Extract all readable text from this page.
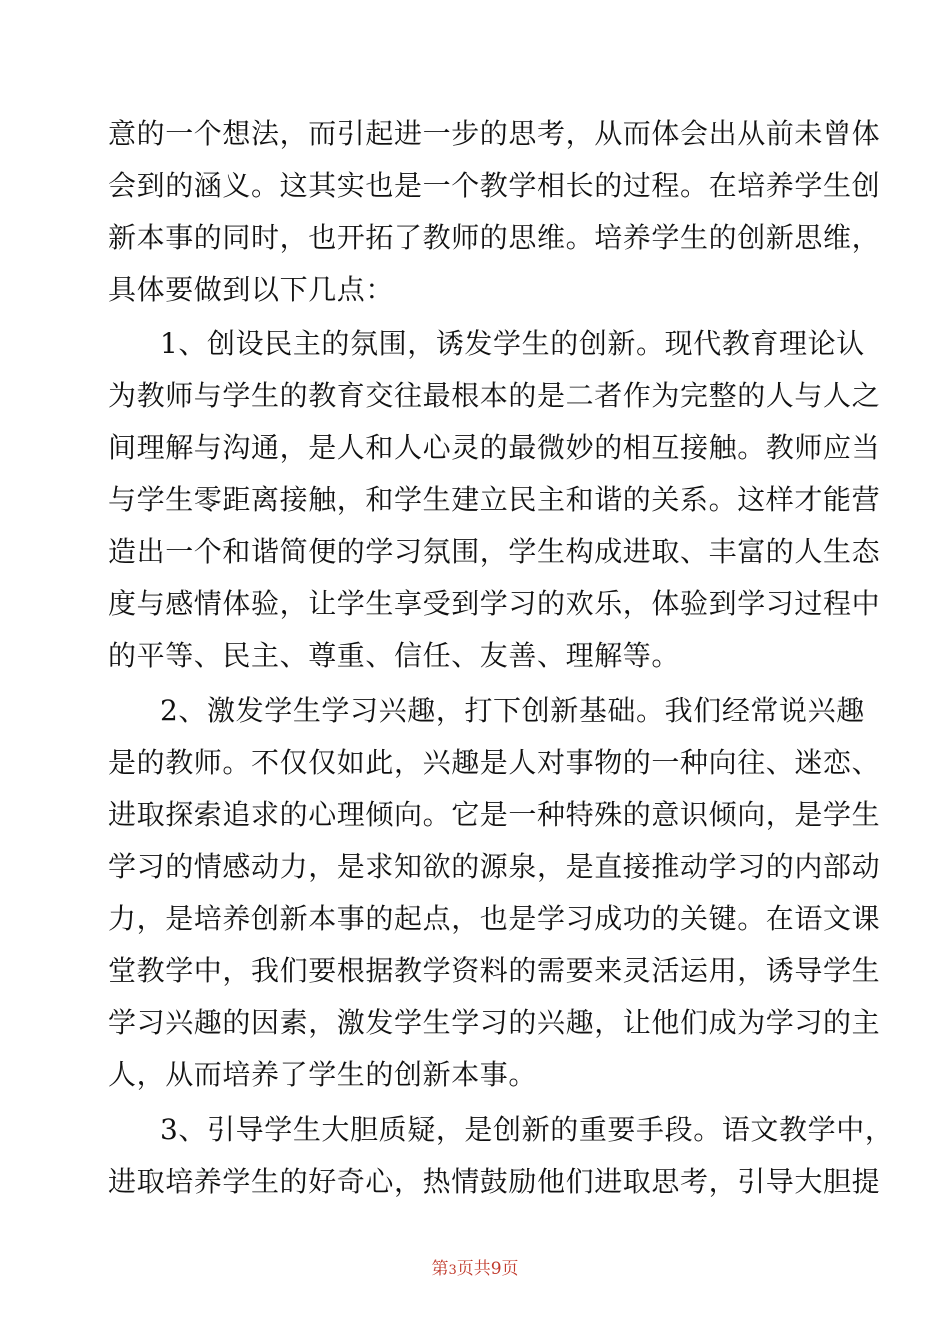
意的一个想法，而引起进一步的思考，从而体会出从前未曾体
会到的涵义。这其实也是一个教学相长的过程。在培养学生创
新本事的同时，也开拓了教师的思维。培养学生的创新思维，
具体要做到以下几点：
1、创设民主的氛围，诱发学生的创新。现代教育理论认
为教师与学生的教育交往最根本的是二者作为完整的人与人之
间理解与沟通，是人和人心灵的最微妙的相互接触。教师应当
与学生零距离接触，和学生建立民主和谐的关系。这样才能营
造出一个和谐简便的学习氛围，学生构成进取、丰富的人生态
度与感情体验，让学生享受到学习的欢乐，体验到学习过程中
的平等、民主、尊重、信任、友善、理解等。
2、激发学生学习兴趣，打下创新基础。我们经常说兴趣
是的教师。不仅仅如此，兴趣是人对事物的一种向往、迷恋、
进取探索追求的心理倾向。它是一种特殊的意识倾向，是学生
学习的情感动力，是求知欲的源泉，是直接推动学习的内部动
力，是培养创新本事的起点，也是学习成功的关键。在语文课
堂教学中，我们要根据教学资料的需要来灵活运用，诱导学生
学习兴趣的因素，激发学生学习的兴趣，让他们成为学习的主
人，从而培养了学生的创新本事。
3、引导学生大胆质疑，是创新的重要手段。语文教学中，
进取培养学生的好奇心，热情鼓励他们进取思考，引导大胆提
第3页共9页
